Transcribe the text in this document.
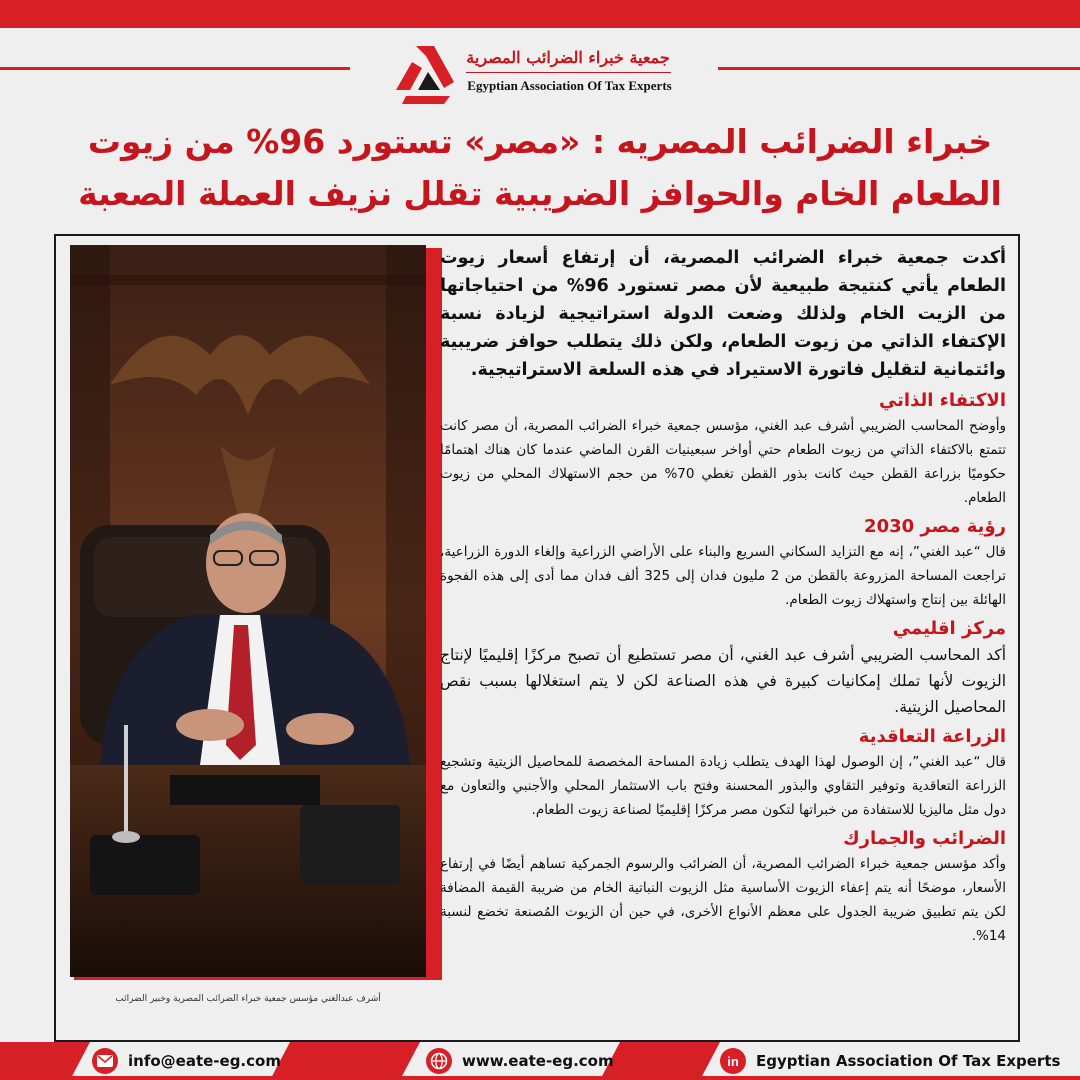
جمعية خبراء الضرائب المصرية
Egyptian Association Of Tax Experts
خبراء الضرائب المصريه : «مصر» تستورد 96% من زيوت
الطعام الخام والحوافز الضريبية تقلل نزيف العملة الصعبة
أشرف عبدالغني مؤسس جمعية خبراء الضرائب المصرية وخبير الضرائب

أكدت جمعية خبراء الضرائب المصرية، أن إرتفاع أسعار زيوت الطعام يأتي كنتيجة طبيعية لأن مصر تستورد 96% من احتياجاتها من الزيت الخام ولذلك وضعت الدولة استراتيجية لزيادة نسبة الإكتفاء الذاتي من زيوت الطعام، ولكن ذلك يتطلب حوافز ضريبية وائتمانية لتقليل فاتورة الاستيراد في هذه السلعة الاستراتيجية.

الاكتفاء الذاتي

وأوضح المحاسب الضريبي أشرف عبد الغني، مؤسس جمعية خبراء الضرائب المصرية، أن مصر كانت تتمتع بالاكتفاء الذاتي من زيوت الطعام حتي أواخر سبعينيات القرن الماضي عندما كان هناك اهتمامًا حكوميًا بزراعة القطن حيث كانت بذور القطن تغطي 70% من حجم الاستهلاك المحلي من زيوت الطعام.

رؤية مصر 2030

قال “عبد الغني”، إنه مع التزايد السكاني السريع والبناء على الأراضي الزراعية وإلغاء الدورة الزراعية، تراجعت المساحة المزروعة بالقطن من 2 مليون فدان إلى 325 ألف فدان مما أدى إلى هذه الفجوة الهائلة بين إنتاج واستهلاك زيوت الطعام.

مركز اقليمي

أكد المحاسب الضريبي أشرف عبد الغني، أن مصر تستطيع أن تصبح مركزًا إقليميًا لإنتاج الزيوت لأنها تملك إمكانيات كبيرة في هذه الصناعة لكن لا يتم استغلالها بسبب نقص المحاصيل الزيتية.

الزراعة التعاقدية

قال “عبد الغني”، إن الوصول لهذا الهدف يتطلب زيادة المساحة المخصصة للمحاصيل الزيتية وتشجيع الزراعة التعاقدية وتوفير التقاوي والبذور المحسنة وفتح باب الاستثمار المحلي والأجنبي والتعاون مع دول مثل ماليزيا للاستفادة من خبراتها لتكون مصر مركزًا إقليميًا لصناعة زيوت الطعام.

الضرائب والجمارك

وأكد مؤسس جمعية خبراء الضرائب المصرية، أن الضرائب والرسوم الجمركية تساهم أيضًا في إرتفاع الأسعار، موضحًا أنه يتم إعفاء الزيوت الأساسية مثل الزيوت النباتية الخام من ضريبة القيمة المضافة لكن يتم تطبيق ضريبة الجدول على معظم الأنواع الأخرى، في حين أن الزيوت المُصنعة تخضع لنسبة 14%.

info@eate-eg.com	www.eate-eg.com	in Egyptian Association Of Tax Experts
